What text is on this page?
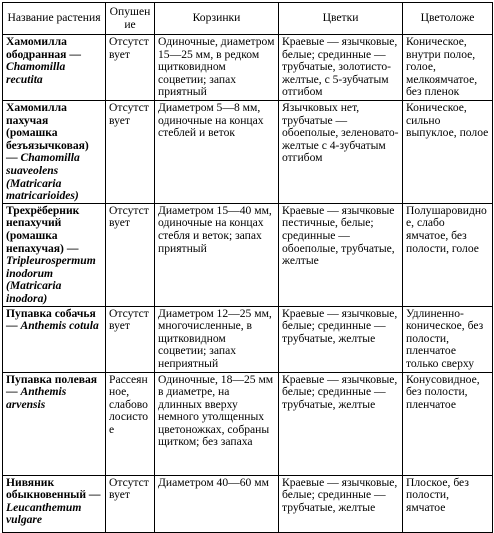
Название растения	Опушение	Корзинки	Цветки	Цветоложе
Хамомилла ободранная — Chamomilla recutita	Отсутствует	Одиночные, диаметром 15—25 мм, в редком щитковидном соцветии; запах приятный	Краевые — язычковые, белые; срединные — трубчатые, золотисто-желтые, с 5-зубчатым отгибом	Коническое, внутри полое, голое, мелкоямчатое, без пленок
Хамомилла пахучая (ромашка безъязычковая) — Chamomilla suaveolens (Matricaria matricarioides)	Отсутствует	Диаметром 5—8 мм, одиночные на концах стеблей и веток	Язычковых нет, трубчатые — обоеполые, зеленовато-желтые с 4-зубчатым отгибом	Коническое, сильно выпуклое, полое
Трехрёберник непахучий (ромашка непахучая) — Tripleurospermum inodorum (Matricaria inodora)	Отсутствует	Диаметром 15—40 мм, одиночные на концах стебля и веток; запах приятный	Краевые — язычковые пестичные, белые; срединные — обоеполые, трубчатые, желтые	Полушаровидное, слабо ямчатое, без полости, голое
Пупавка собачья — Anthemis cotula	Отсутствует	Диаметром 12—25 мм, многочисленные, в щитковидном соцветии; запах неприятный	Краевые — язычковые, белые; срединные — трубчатые, желтые	Удлиненно-коническое, без полости, пленчатое только сверху
Пупавка полевая — Anthemis arvensis	Рассеянное, слабоволосистое	Одиночные, 18—25 мм в диаметре, на длинных вверху немного утолщенных цветоножках, собраны щитком; без запаха	Краевые — язычковые, белые; срединные — трубчатые, желтые	Конусовидное, без полости, пленчатое
Нивяник обыкновенный — Leucanthemum vulgare	Отсутствует	Диаметром 40—60 мм	Краевые — язычковые, белые; срединные — трубчатые, желтые	Плоское, без полости, ямчатое
